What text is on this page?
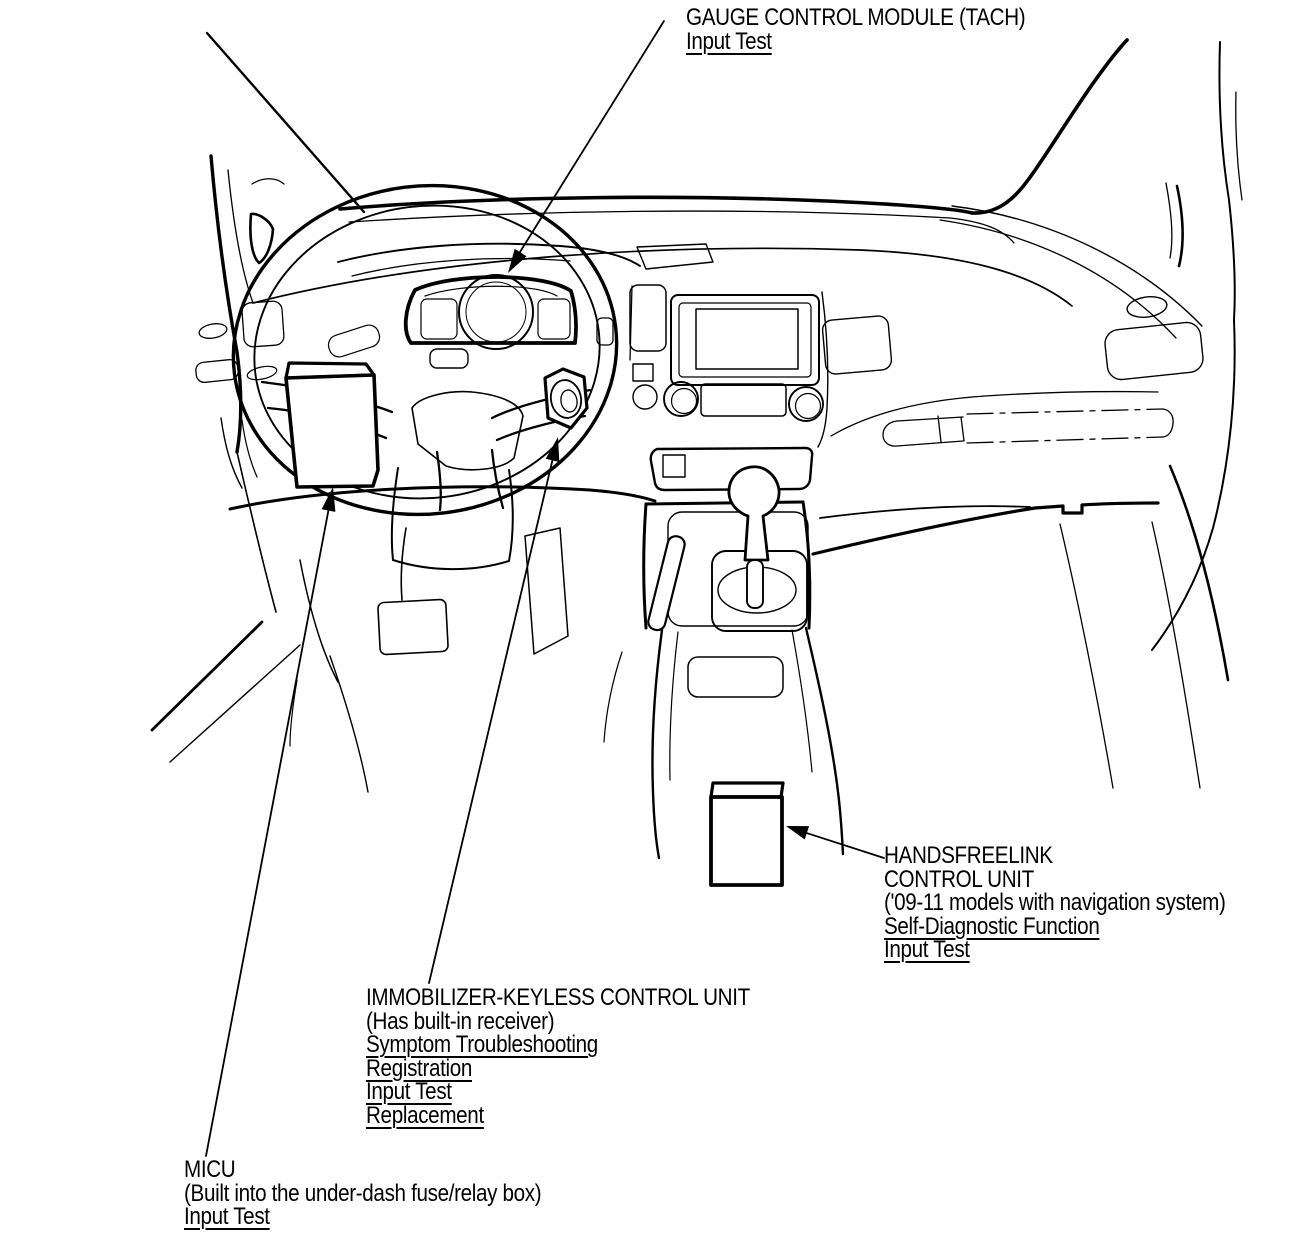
GAUGE CONTROL MODULE (TACH)
Input Test
HANDSFREELINK
CONTROL UNIT
('09-11 models with navigation system)
Self-Diagnostic Function
Input Test
IMMOBILIZER-KEYLESS CONTROL UNIT
(Has built-in receiver)
Symptom Troubleshooting
Registration
Input Test
Replacement
MICU
(Built into the under-dash fuse/relay box)
Input Test
